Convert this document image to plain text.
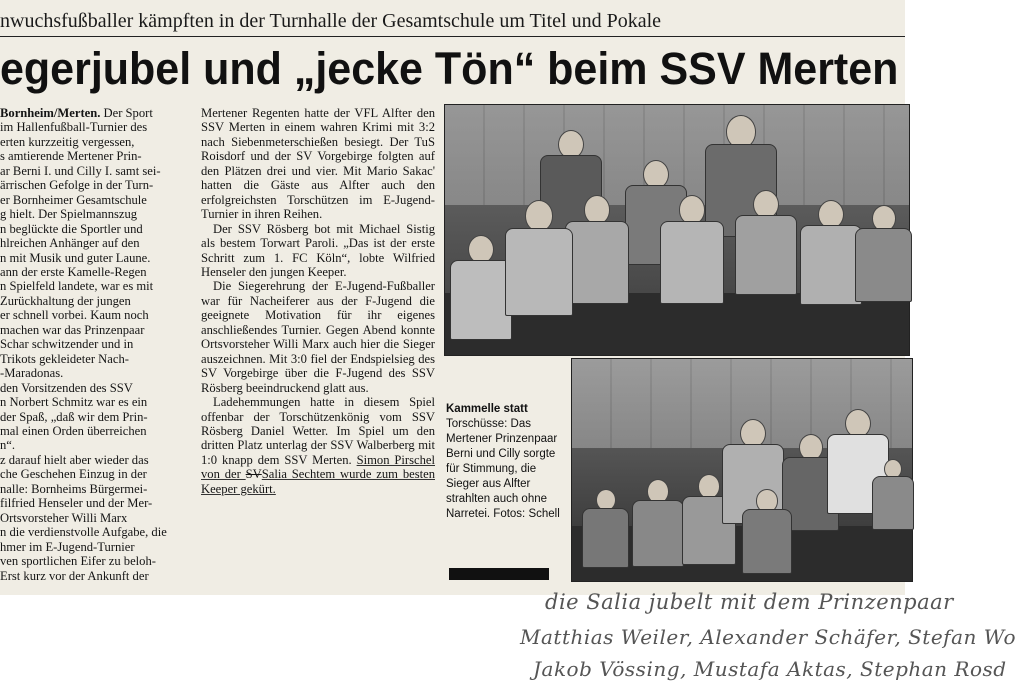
nwuchsfußballer kämpften in der Turnhalle der Gesamtschule um Titel und Pokale
egerjubel und „jecke Tön“ beim SSV Merten

Bornheim/Merten. Der Sport

im Hallenfußball-Turnier des

erten kurzzeitig vergessen,

s amtierende Mertener Prin-

ar Berni I. und Cilly I. samt sei-

ärrischen Gefolge in der Turn-

er Bornheimer Gesamtschule

g hielt. Der Spielmannszug

n beglückte die Sportler und

hlreichen Anhänger auf den

n mit Musik und guter Laune.

ann der erste Kamelle-Regen

n Spielfeld landete, war es mit

Zurückhaltung der jungen

er schnell vorbei. Kaum noch

machen war das Prinzenpaar

Schar schwitzender und in

Trikots gekleideter Nach-

-Maradonas.

den Vorsitzenden des SSV

n Norbert Schmitz war es ein

der Spaß, „daß wir dem Prin-

mal einen Orden überreichen

n“.

z darauf hielt aber wieder das

che Geschehen Einzug in der

nalle: Bornheims Bürgermei-

filfried Henseler und der Mer-

Ortsvorsteher Willi Marx

n die verdienstvolle Aufgabe, die

hmer im E-Jugend-Turnier

ven sportlichen Eifer zu beloh-

Erst kurz vor der Ankunft der

Mertener Regenten hatte der VFL Alfter den SSV Merten in einem wahren Krimi mit 3:2 nach Siebenmeterschießen besiegt. Der TuS Roisdorf und der SV Vorgebirge folgten auf den Plätzen drei und vier. Mit Mario Sakac' hatten die Gäste aus Alfter auch den erfolgreichsten Torschützen im E-Jugend-Turnier in ihren Reihen.

Der SSV Rösberg bot mit Michael Sistig als bestem Torwart Paroli. „Das ist der erste Schritt zum 1. FC Köln“, lobte Wilfried Henseler den jungen Keeper.

Die Siegerehrung der E-Jugend-Fußballer war für Nacheiferer aus der F-Jugend die geeignete Motivation für ihr eigenes anschließendes Turnier. Gegen Abend konnte Ortsvorsteher Willi Marx auch hier die Sieger auszeichnen. Mit 3:0 fiel der Endspielsieg des SV Vorgebirge über die F-Jugend des SSV Rösberg beeindruckend glatt aus.

Ladehemmungen hatte in diesem Spiel offenbar der Torschützenkönig vom SSV Rösberg Daniel Wetter. Im Spiel um den dritten Platz unterlag der SSV Walberberg mit 1:0 knapp dem SSV Merten. Simon Pirschel von der SVSalia Sechtem wurde zum besten Keeper gekürt.

Kammelle statt
Torschüsse: Das Mertener Prinzenpaar Berni und Cilly sorgte für Stimmung, die Sieger aus Alfter strahlten auch ohne Narretei. Fotos: Schell
die Salia jubelt mit dem Prinzenpaar
Matthias Weiler, Alexander Schäfer, Stefan Wo
Jakob Vössing, Mustafa Aktas, Stephan Rosd
